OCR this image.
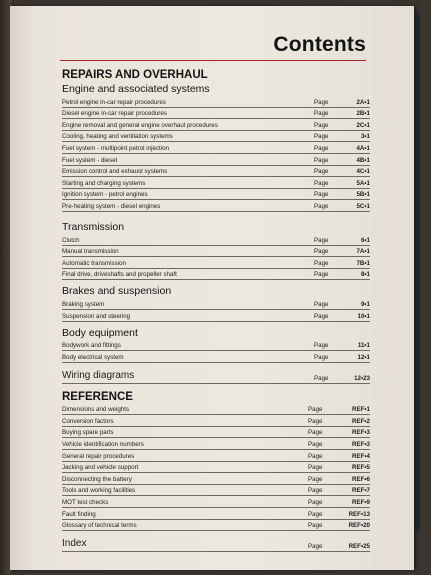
Contents
REPAIRS AND OVERHAUL
Engine and associated systems
Petrol engine in-car repair procedures	Page	2A•1
Diesel engine in-car repair procedures	Page	2B•1
Engine removal and general engine overhaul procedures	Page	2C•1
Cooling, heating and ventilation systems	Page	3•1
Fuel system - multipoint petrol injection	Page	4A•1
Fuel system - diesel	Page	4B•1
Emission control and exhaust systems	Page	4C•1
Starting and charging systems	Page	5A•1
Ignition system - petrol engines	Page	5B•1
Pre-heating system - diesel engines	Page	5C•1
Transmission
Clutch	Page	6•1
Manual transmission	Page	7A•1
Automatic transmission	Page	7B•1
Final drive, driveshafts and propeller shaft	Page	8•1
Brakes and suspension
Braking system	Page	9•1
Suspension and steering	Page	10•1
Body equipment
Bodywork and fittings	Page	11•1
Body electrical system	Page	12•1
Wiring diagrams	Page	12•23
REFERENCE
Dimensions and weights	Page	REF•1
Conversion factors	Page	REF•2
Buying spare parts	Page	REF•3
Vehicle identification numbers	Page	REF•3
General repair procedures	Page	REF•4
Jacking and vehicle support	Page	REF•5
Disconnecting the battery	Page	REF•6
Tools and working facilities	Page	REF•7
MOT test checks	Page	REF•9
Fault finding	Page	REF•13
Glossary of technical terms	Page	REF•20
Index	Page	REF•25
